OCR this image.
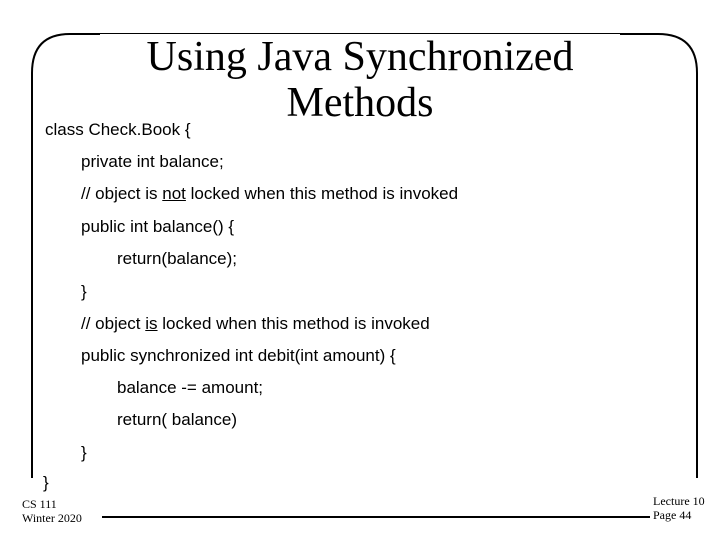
Using Java Synchronized
Methods
class Check.Book {
private int balance;
// object is not locked when this method is invoked
public int balance() {
return(balance);
}
// object is locked when this method is invoked
public synchronized int debit(int amount) {
balance -= amount;
return( balance)
}
}
CS 111
Winter 2020
Lecture 10
Page 44
